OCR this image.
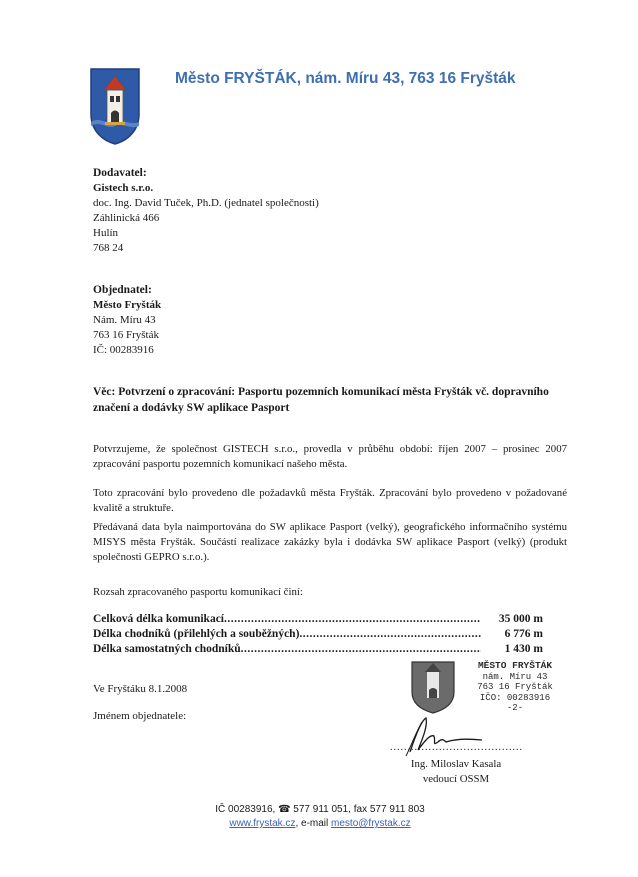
Město FRYŠTÁK, nám. Míru 43, 763 16 Fryšták
Dodavatel:
Gistech s.r.o.
doc. Ing. David Tuček, Ph.D. (jednatel společnosti)
Záhlinická 466
Hulín
768 24
Objednatel:
Město Fryšták
Nám. Míru 43
763 16 Fryšták
IČ: 00283916
Věc: Potvrzení o zpracování: Pasportu pozemních komunikací města Fryšták vč. dopravního značení a dodávky SW aplikace Pasport
Potvrzujeme, že společnost GISTECH s.r.o., provedla v průběhu období: říjen 2007 – prosinec 2007 zpracování pasportu pozemních komunikací našeho města.
Toto zpracování bylo provedeno dle požadavků města Fryšták. Zpracování bylo provedeno v požadované kvalitě a struktuře.
Předávaná data byla naimportována do SW aplikace Pasport (velký), geografického informačního systému MISYS města Fryšták. Součástí realizace zakázky byla i dodávka SW aplikace Pasport (velký) (produkt společnosti GEPRO s.r.o.).
Rozsah zpracovaného pasportu komunikací činí:
Celková délka komunikací .....	35 000 m
Délka chodníků (přilehlých a souběžných) .....	6 776 m
Délka samostatných chodníků .....	1 430 m
Ve Fryštáku 8.1.2008
Jménem objednatele:
MĚSTO FRYŠTÁK
nám. Míru 43
763 16 Fryšták
IČO: 00283916
-2-
......................................
Ing. Miloslav Kasala
vedoucí OSSM
IČ 00283916, ☎ 577 911 051, fax 577 911 803
www.frystak.cz, e-mail mesto@frystak.cz
